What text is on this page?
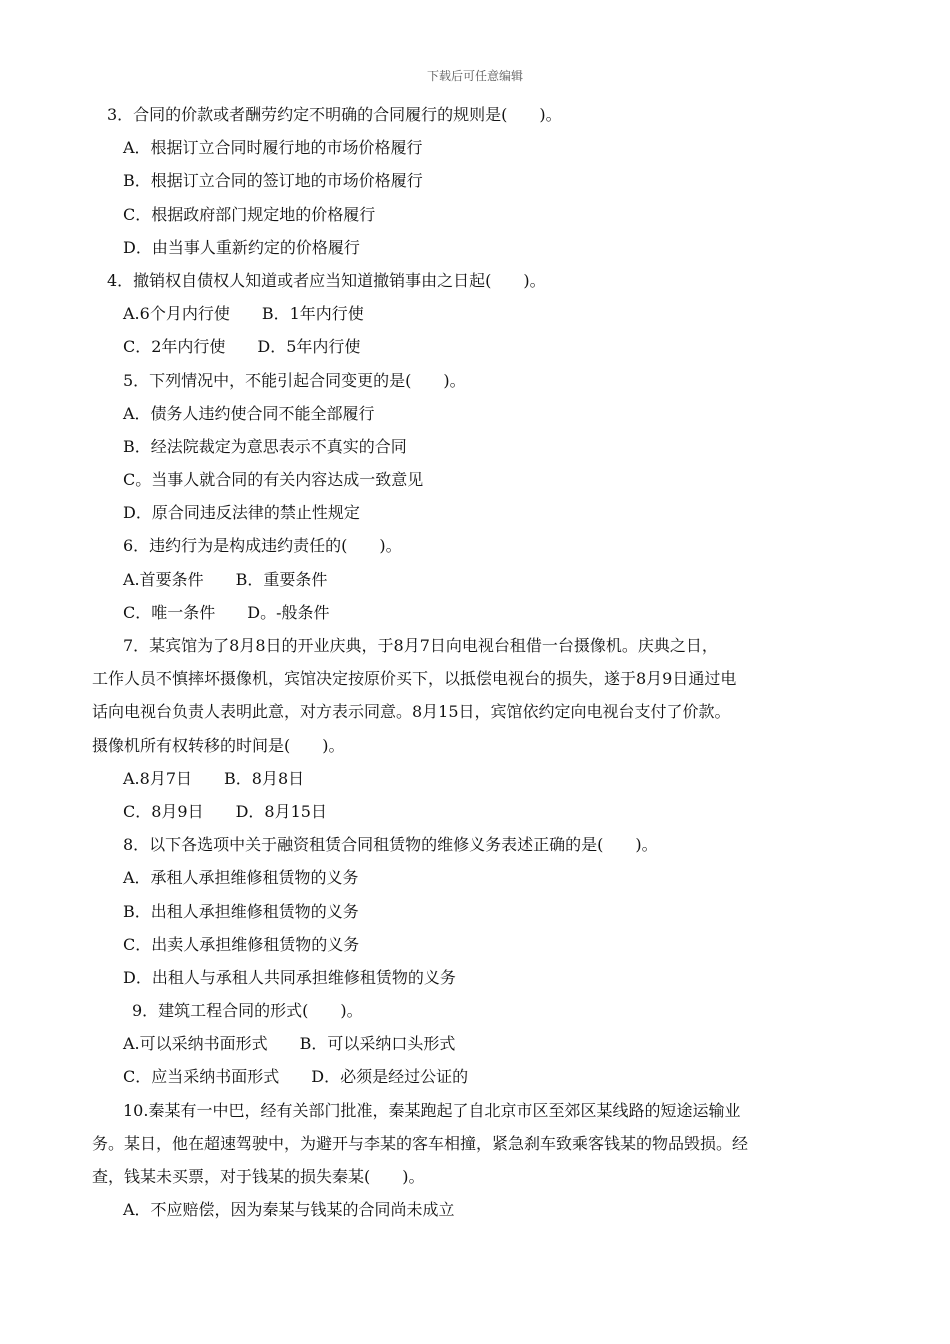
下载后可任意编辑
3．合同的价款或者酬劳约定不明确的合同履行的规则是(　　)。
A．根据订立合同时履行地的市场价格履行
B．根据订立合同的签订地的市场价格履行
C．根据政府部门规定地的价格履行
D．由当事人重新约定的价格履行
4．撤销权自债权人知道或者应当知道撤销事由之日起(　　)。
A.6个月内行使　　B．1年内行使
C．2年内行使　　D．5年内行使
5．下列情况中，不能引起合同变更的是(　　)。
A．债务人违约使合同不能全部履行
B．经法院裁定为意思表示不真实的合同
C。当事人就合同的有关内容达成一致意见
D．原合同违反法律的禁止性规定
6．违约行为是构成违约责任的(　　)。
A.首要条件　　B．重要条件
C．唯一条件　　D。-般条件
7．某宾馆为了8月8日的开业庆典，于8月7日向电视台租借一台摄像机。庆典之日，
工作人员不慎摔坏摄像机，宾馆决定按原价买下，以抵偿电视台的损失，遂于8月9日通过电
话向电视台负责人表明此意，对方表示同意。8月15日，宾馆依约定向电视台支付了价款。
摄像机所有权转移的时间是(　　)。
A.8月7日　　B．8月8日
C．8月9日　　D．8月15日
8．以下各选项中关于融资租赁合同租赁物的维修义务表述正确的是(　　)。
A．承租人承担维修租赁物的义务
B．出租人承担维修租赁物的义务
C．出卖人承担维修租赁物的义务
D．出租人与承租人共同承担维修租赁物的义务
9．建筑工程合同的形式(　　)。
A.可以采纳书面形式　　B．可以采纳口头形式
C．应当采纳书面形式　　D．必须是经过公证的
10.秦某有一中巴，经有关部门批准，秦某跑起了自北京市区至郊区某线路的短途运输业
务。某日，他在超速驾驶中，为避开与李某的客车相撞，紧急刹车致乘客钱某的物品毁损。经
查，钱某未买票，对于钱某的损失秦某(　　)。
A．不应赔偿，因为秦某与钱某的合同尚未成立
